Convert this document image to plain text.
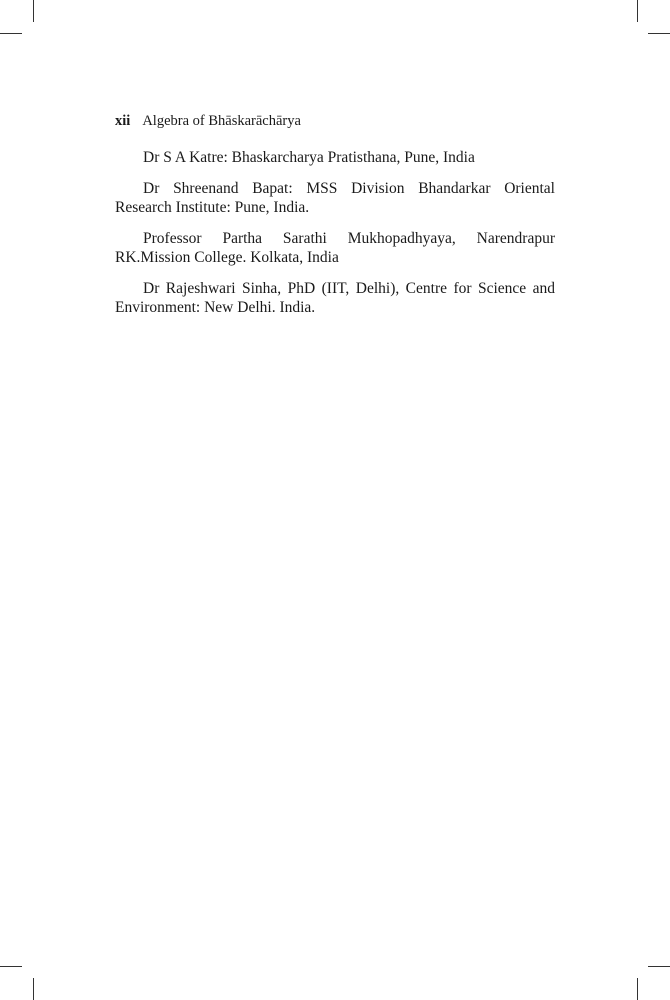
xii Algebra of Bhāskarāchārya

Dr S A Katre: Bhaskarcharya Pratisthana, Pune, India

Dr Shreenand Bapat: MSS Division Bhandarkar Oriental Research Institute: Pune, India.

Professor Partha Sarathi Mukhopadhyaya, Narendrapur RK.Mission College. Kolkata, India

Dr Rajeshwari Sinha, PhD (IIT, Delhi), Centre for Science and Environment: New Delhi. India.
